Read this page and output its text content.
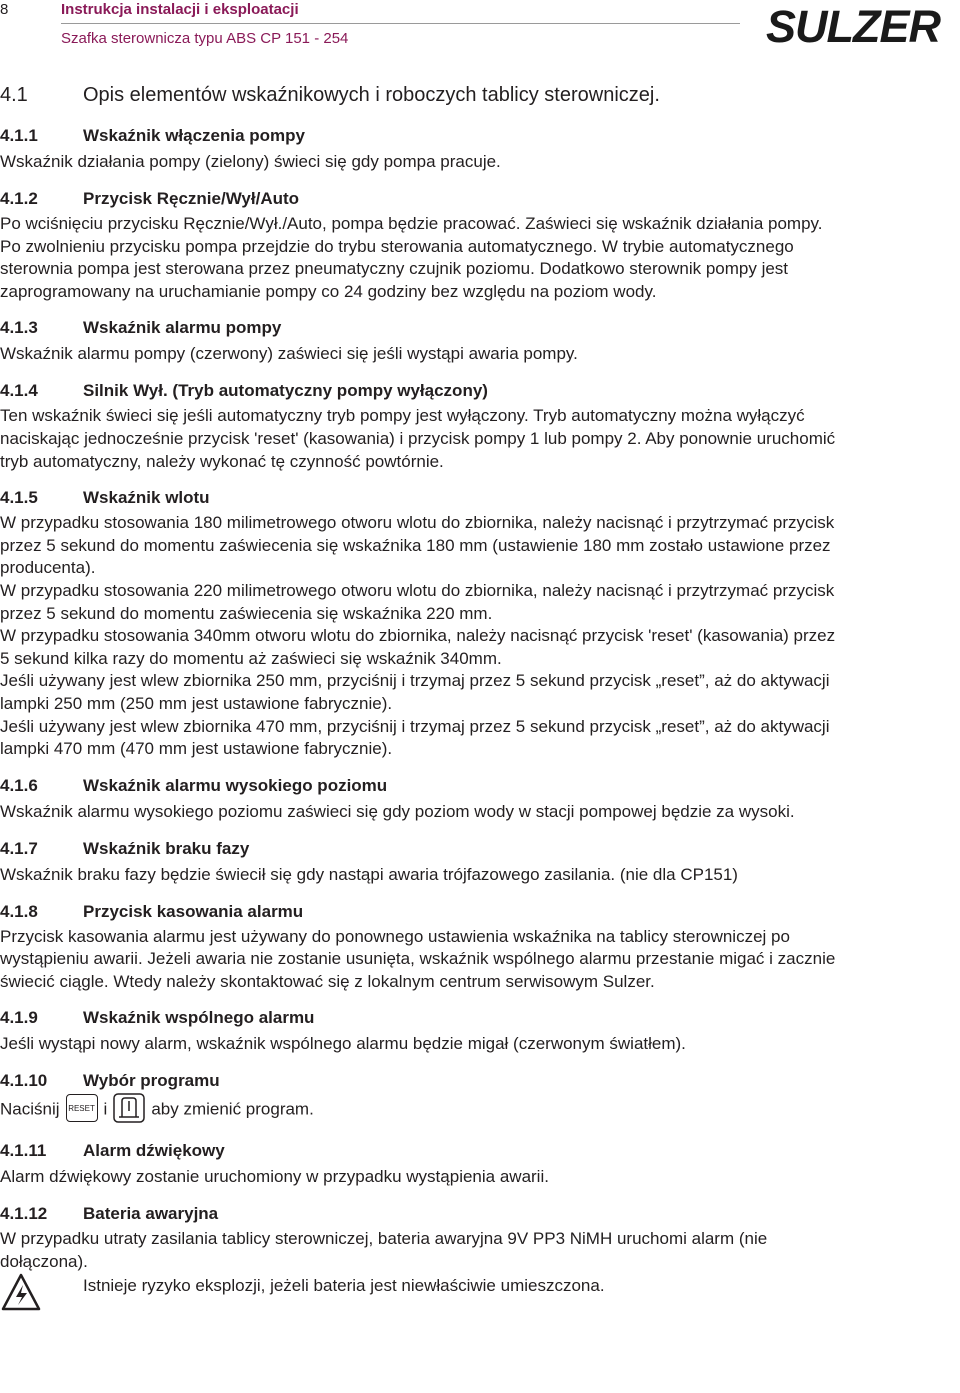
8	Instrukcja instalacji i eksploatacji
Szafka sterownicza typu ABS CP 151 - 254	SULZER
4.1	Opis elementów wskaźnikowych i roboczych tablicy sterowniczej.
4.1.1	Wskaźnik włączenia pompy
Wskaźnik działania pompy (zielony) świeci się gdy pompa pracuje.
4.1.2	Przycisk Ręcznie/Wył/Auto
Po wciśnięciu przycisku Ręcznie/Wył./Auto, pompa będzie pracować. Zaświeci się wskaźnik działania pompy.
Po zwolnieniu przycisku pompa przejdzie do trybu sterowania automatycznego. W trybie automatycznego
sterownia pompa jest sterowana przez pneumatyczny czujnik poziomu. Dodatkowo sterownik pompy jest
zaprogramowany na uruchamianie pompy co 24 godziny bez względu na poziom wody.
4.1.3	Wskaźnik alarmu pompy
Wskaźnik alarmu pompy (czerwony) zaświeci się jeśli wystąpi awaria pompy.
4.1.4	Silnik Wył. (Tryb automatyczny pompy wyłączony)
Ten wskaźnik świeci się jeśli automatyczny tryb pompy jest wyłączony. Tryb automatyczny można wyłączyć
naciskając jednocześnie przycisk 'reset' (kasowania) i przycisk pompy 1 lub pompy 2. Aby ponownie uruchomić
tryb automatyczny, należy wykonać tę czynność powtórnie.
4.1.5	Wskaźnik wlotu
W przypadku stosowania 180 milimetrowego otworu wlotu do zbiornika, należy nacisnąć i przytrzymać przycisk
przez 5 sekund do momentu zaświecenia się wskaźnika 180 mm (ustawienie 180 mm zostało ustawione przez
producenta).
W przypadku stosowania 220 milimetrowego otworu wlotu do zbiornika, należy nacisnąć i przytrzymać przycisk
przez 5 sekund do momentu zaświecenia się wskaźnika 220 mm.
W przypadku stosowania 340mm otworu wlotu do zbiornika, należy nacisnąć przycisk 'reset' (kasowania) przez
5 sekund kilka razy do momentu aż zaświeci się wskaźnik 340mm.
Jeśli używany jest wlew zbiornika 250 mm, przyciśnij i trzymaj przez 5 sekund przycisk „reset”, aż do aktywacji
lampki 250 mm (250 mm jest ustawione fabrycznie).
Jeśli używany jest wlew zbiornika 470 mm, przyciśnij i trzymaj przez 5 sekund przycisk „reset”, aż do aktywacji
lampki 470 mm (470 mm jest ustawione fabrycznie).
4.1.6	Wskaźnik alarmu wysokiego poziomu
Wskaźnik alarmu wysokiego poziomu zaświeci się gdy poziom wody w stacji pompowej będzie za wysoki.
4.1.7	Wskaźnik braku fazy
Wskaźnik braku fazy będzie świecił się gdy nastąpi awaria trójfazowego zasilania. (nie dla CP151)
4.1.8	Przycisk kasowania alarmu
Przycisk kasowania alarmu jest używany do ponownego ustawienia wskaźnika na tablicy sterowniczej po
wystąpieniu awarii. Jeżeli awaria nie zostanie usunięta, wskaźnik wspólnego alarmu przestanie migać i zacznie
świecić ciągle. Wtedy należy skontaktować się z lokalnym centrum serwisowym Sulzer.
4.1.9	Wskaźnik wspólnego alarmu
Jeśli wystąpi nowy alarm, wskaźnik wspólnego alarmu będzie migał (czerwonym światłem).
4.1.10 Wybór programu
Naciśnij RESET i	aby zmienić program.
4.1.11 Alarm dźwiękowy
Alarm dźwiękowy zostanie uruchomiony w przypadku wystąpienia awarii.
4.1.12 Bateria awaryjna
W przypadku utraty zasilania tablicy sterowniczej, bateria awaryjna 9V PP3 NiMH uruchomi alarm (nie
dołączona).
Istnieje ryzyko eksplozji, jeżeli bateria jest niewłaściwie umieszczona.
